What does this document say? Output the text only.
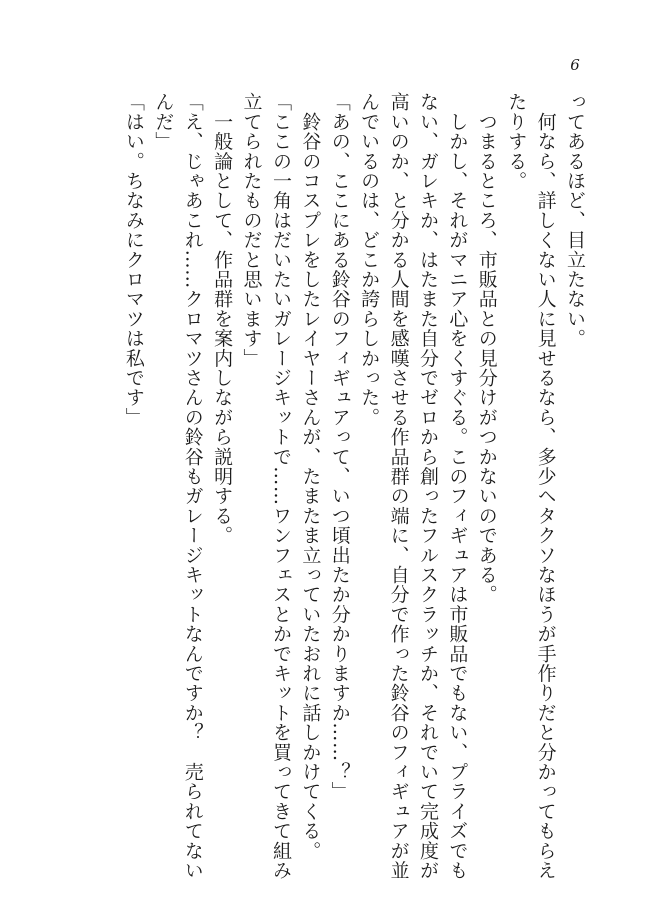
6
ってあるほど、目立たない。
　何なら、詳しくない人に見せるなら、多少ヘタクソなほうが手作りだと分かってもらえ
たりする。
　つまるところ、市販品との見分けがつかないのである。
　しかし、それがマニア心をくすぐる。このフィギュアは市販品でもない、プライズでも
ない、ガレキか、はたまた自分でゼロから創ったフルスクラッチか、それでいて完成度が
高いのか、と分かる人間を感嘆させる作品群の端に、自分で作った鈴谷のフィギュアが並
んでいるのは、どこか誇らしかった。
「あの、ここにある鈴谷のフィギュアって、いつ頃出たか分かりますか……？」
　鈴谷のコスプレをしたレイヤーさんが、たまたま立っていたおれに話しかけてくる。
「ここの一角はだいたいガレージキットで……ワンフェスとかでキットを買ってきて組み
立てられたものだと思います」
　一般論として、作品群を案内しながら説明する。
「え、じゃあこれ……クロマツさんの鈴谷もガレージキットなんですか？　売られてない
んだ」
「はい。ちなみにクロマツは私です」
